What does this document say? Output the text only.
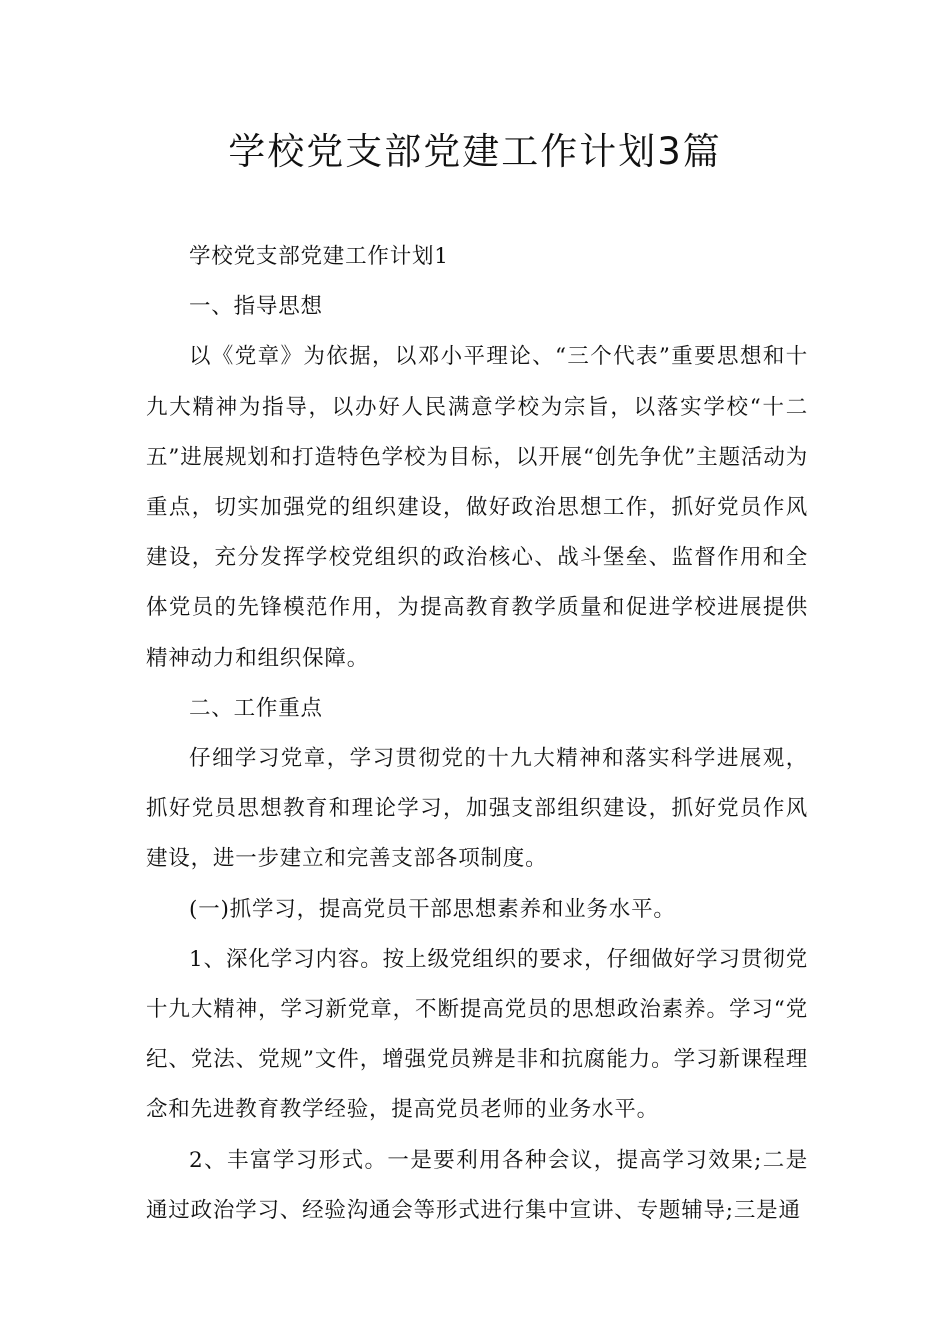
学校党支部党建工作计划3篇

学校党支部党建工作计划1

一、指导思想

以《党章》为依据，以邓小平理论、“三个代表”重要思想和十九大精神为指导，以办好人民满意学校为宗旨，以落实学校“十二五”进展规划和打造特色学校为目标，以开展“创先争优”主题活动为重点，切实加强党的组织建设，做好政治思想工作，抓好党员作风建设，充分发挥学校党组织的政治核心、战斗堡垒、监督作用和全体党员的先锋模范作用，为提高教育教学质量和促进学校进展提供精神动力和组织保障。

二、工作重点

仔细学习党章，学习贯彻党的十九大精神和落实科学进展观，抓好党员思想教育和理论学习，加强支部组织建设，抓好党员作风建设，进一步建立和完善支部各项制度。

(一)抓学习，提高党员干部思想素养和业务水平。

1、深化学习内容。按上级党组织的要求，仔细做好学习贯彻党十九大精神，学习新党章，不断提高党员的思想政治素养。学习“党纪、党法、党规”文件，增强党员辨是非和抗腐能力。学习新课程理念和先进教育教学经验，提高党员老师的业务水平。

2、丰富学习形式。一是要利用各种会议，提高学习效果;二是通过政治学习、经验沟通会等形式进行集中宣讲、专题辅导;三是通
